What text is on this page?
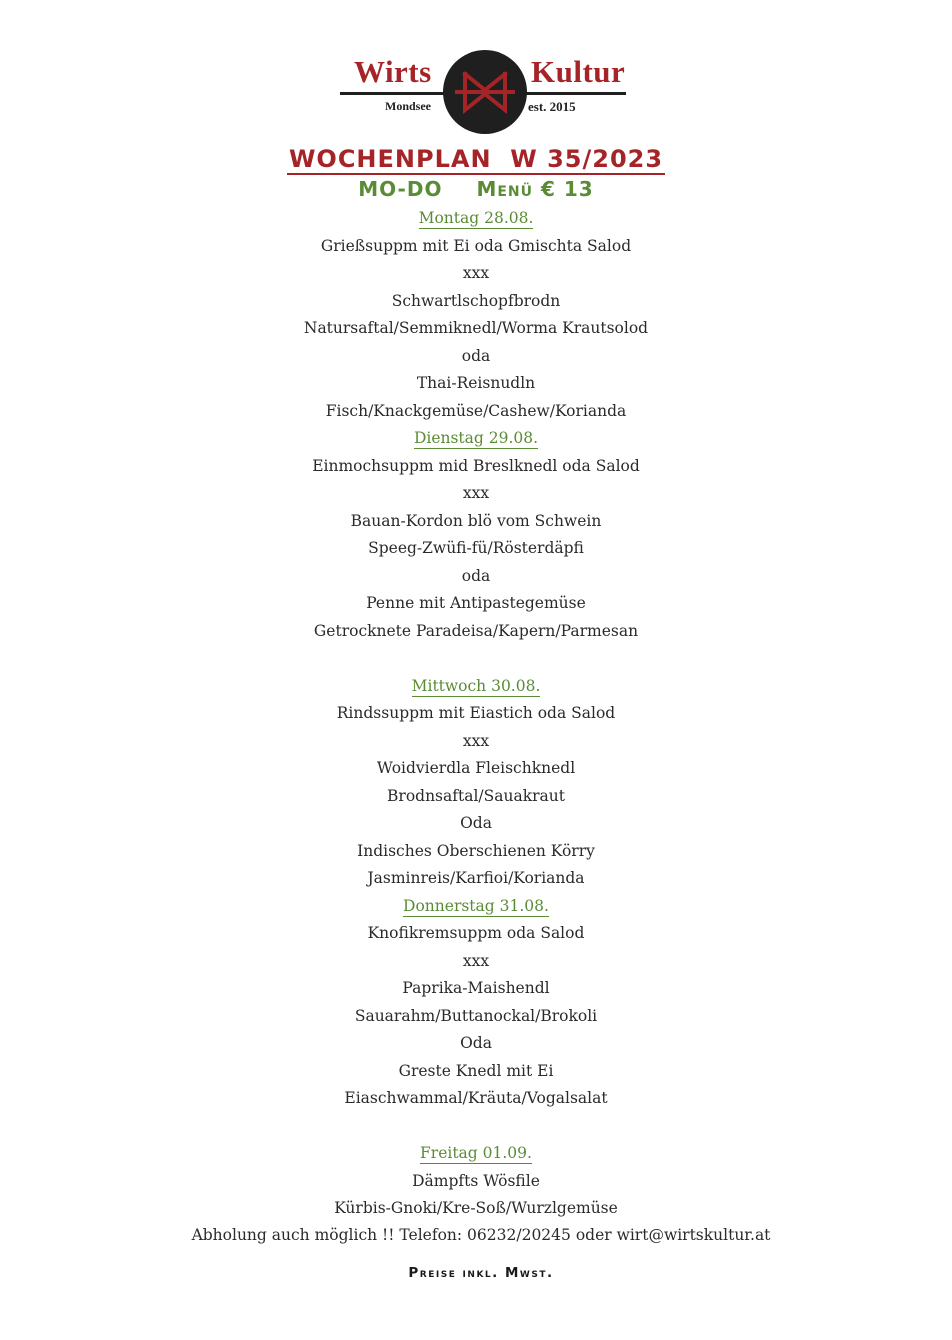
Wirts	Kultur
Mondsee	est. 2015
WOCHENPLAN  W 35/2023
MO-DO Menü € 13
Montag 28.08.
Grießsuppm mit Ei oda Gmischta Salod
xxx
Schwartlschopfbrodn
Natursaftal/Semmiknedl/Worma Krautsolod
oda
Thai-Reisnudln
Fisch/Knackgemüse/Cashew/Korianda
Dienstag 29.08.
Einmochsuppm mid Breslknedl oda Salod
xxx
Bauan-Kordon blö vom Schwein
Speeg-Zwüfi-fü/Rösterdäpfi
oda
Penne mit Antipastegemüse
Getrocknete Paradeisa/Kapern/Parmesan
Mittwoch 30.08.
Rindssuppm mit Eiastich oda Salod
xxx
Woidvierdla Fleischknedl
Brodnsaftal/Sauakraut
Oda
Indisches Oberschienen Körry
Jasminreis/Karfioi/Korianda
Donnerstag 31.08.
Knofikremsuppm oda Salod
xxx
Paprika-Maishendl
Sauarahm/Buttanockal/Brokoli
Oda
Greste Knedl mit Ei
Eiaschwammal/Kräuta/Vogalsalat
Freitag 01.09.
Dämpfts Wösfile
Kürbis-Gnoki/Kre-Soß/Wurzlgemüse
Abholung auch möglich !! Telefon: 06232/20245 oder wirt@wirtskultur.at
Preise inkl. Mwst.
